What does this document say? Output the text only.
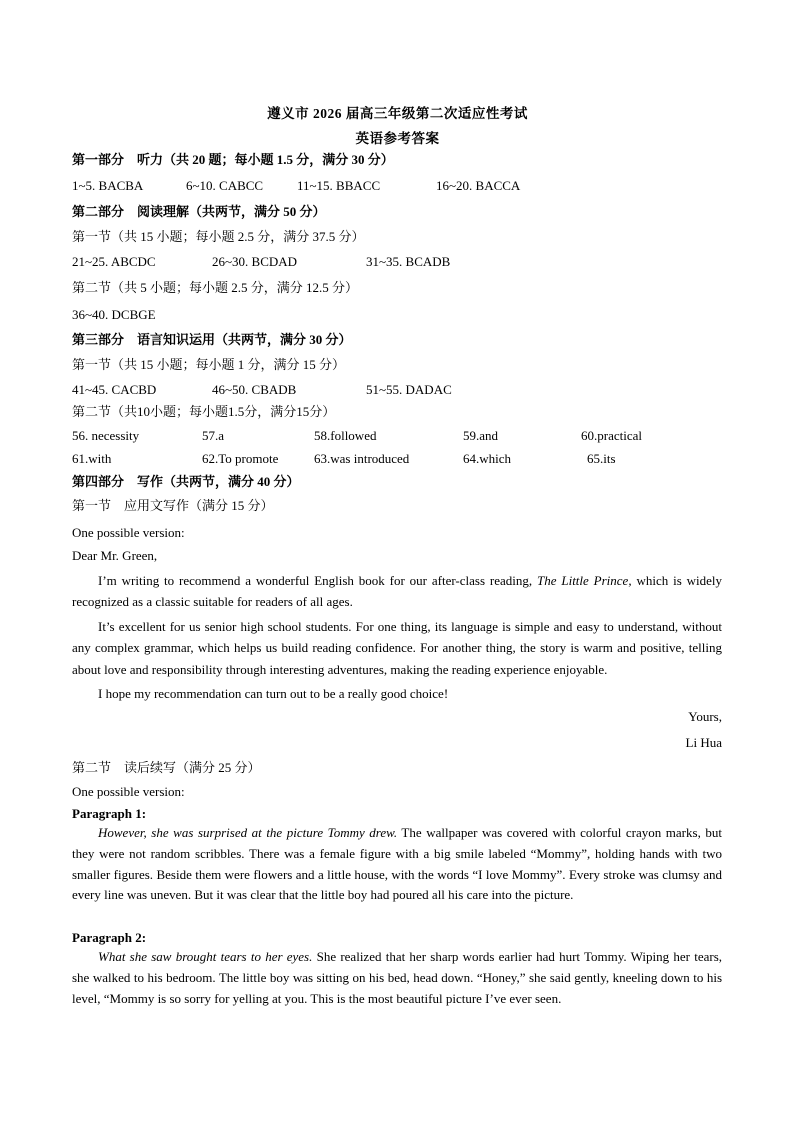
遵义市 2026 届高三年级第二次适应性考试
英语参考答案
第一部分　听力（共 20 题；每小题 1.5 分，满分 30 分）
1~5. BACBA	6~10. CABCC	11~15. BBACC	16~20. BACCA
第二部分　阅读理解（共两节，满分 50 分）
第一节（共 15 小题；每小题 2.5 分，满分 37.5 分）
21~25. ABCDC	26~30. BCDAD	31~35. BCADB
第二节（共 5 小题；每小题 2.5 分，满分 12.5 分）
36~40. DCBGE
第三部分　语言知识运用（共两节，满分 30 分）
第一节（共 15 小题；每小题 1 分，满分 15 分）
41~45. CACBD	46~50. CBADB	51~55. DADAC
第二节（共10小题；每小题1.5分，满分15分）
56. necessity	57.a	58.followed	59.and	60.practical
61.with	62.To promote	63.was introduced	64.which	65.its
第四部分　写作（共两节，满分 40 分）
第一节　应用文写作（满分 15 分）
One possible version:
Dear Mr. Green,
I’m writing to recommend a wonderful English book for our after-class reading, The Little Prince, which is widely recognized as a classic suitable for readers of all ages.
It’s excellent for us senior high school students. For one thing, its language is simple and easy to understand, without any complex grammar, which helps us build reading confidence. For another thing, the story is warm and positive, telling about love and responsibility through interesting adventures, making the reading experience enjoyable.
I hope my recommendation can turn out to be a really good choice!
Yours,
Li Hua
第二节　读后续写（满分 25 分）
One possible version:
Paragraph 1:
However, she was surprised at the picture Tommy drew. The wallpaper was covered with colorful crayon marks, but they were not random scribbles. There was a female figure with a big smile labeled “Mommy”, holding hands with two smaller figures. Beside them were flowers and a little house, with the words “I love Mommy”. Every stroke was clumsy and every line was uneven. But it was clear that the little boy had poured all his care into the picture.
Paragraph 2:
What she saw brought tears to her eyes. She realized that her sharp words earlier had hurt Tommy. Wiping her tears, she walked to his bedroom. The little boy was sitting on his bed, head down. “Honey,” she said gently, kneeling down to his level, “Mommy is so sorry for yelling at you. This is the most beautiful picture I’ve ever seen.
